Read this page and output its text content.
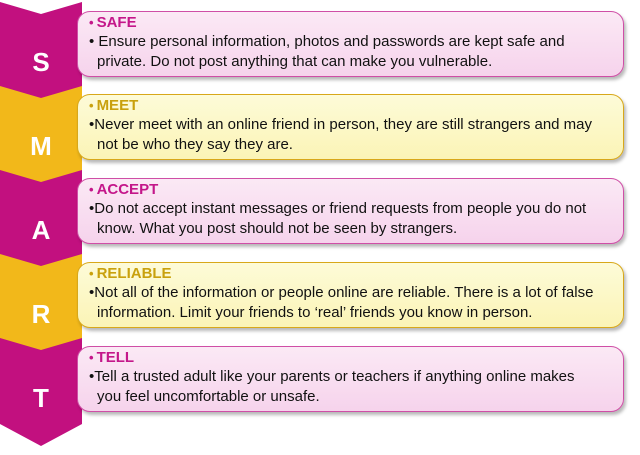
S
• SAFE
• Ensure personal information, photos and passwords are kept safe and
private. Do not post anything that can make you vulnerable.
M
• MEET
•Never meet with an online friend in person, they are still strangers and may
not be who they say they are.
A
• ACCEPT
•Do not accept instant messages or friend requests from people you do not
know. What you post should not be seen by strangers.
R
• RELIABLE
•Not all of the information or people online are reliable. There is a lot of false
information. Limit your friends to ‘real’ friends you know in person.
T
• TELL
•Tell a trusted adult like your parents or teachers if anything online makes
you feel uncomfortable or unsafe.
